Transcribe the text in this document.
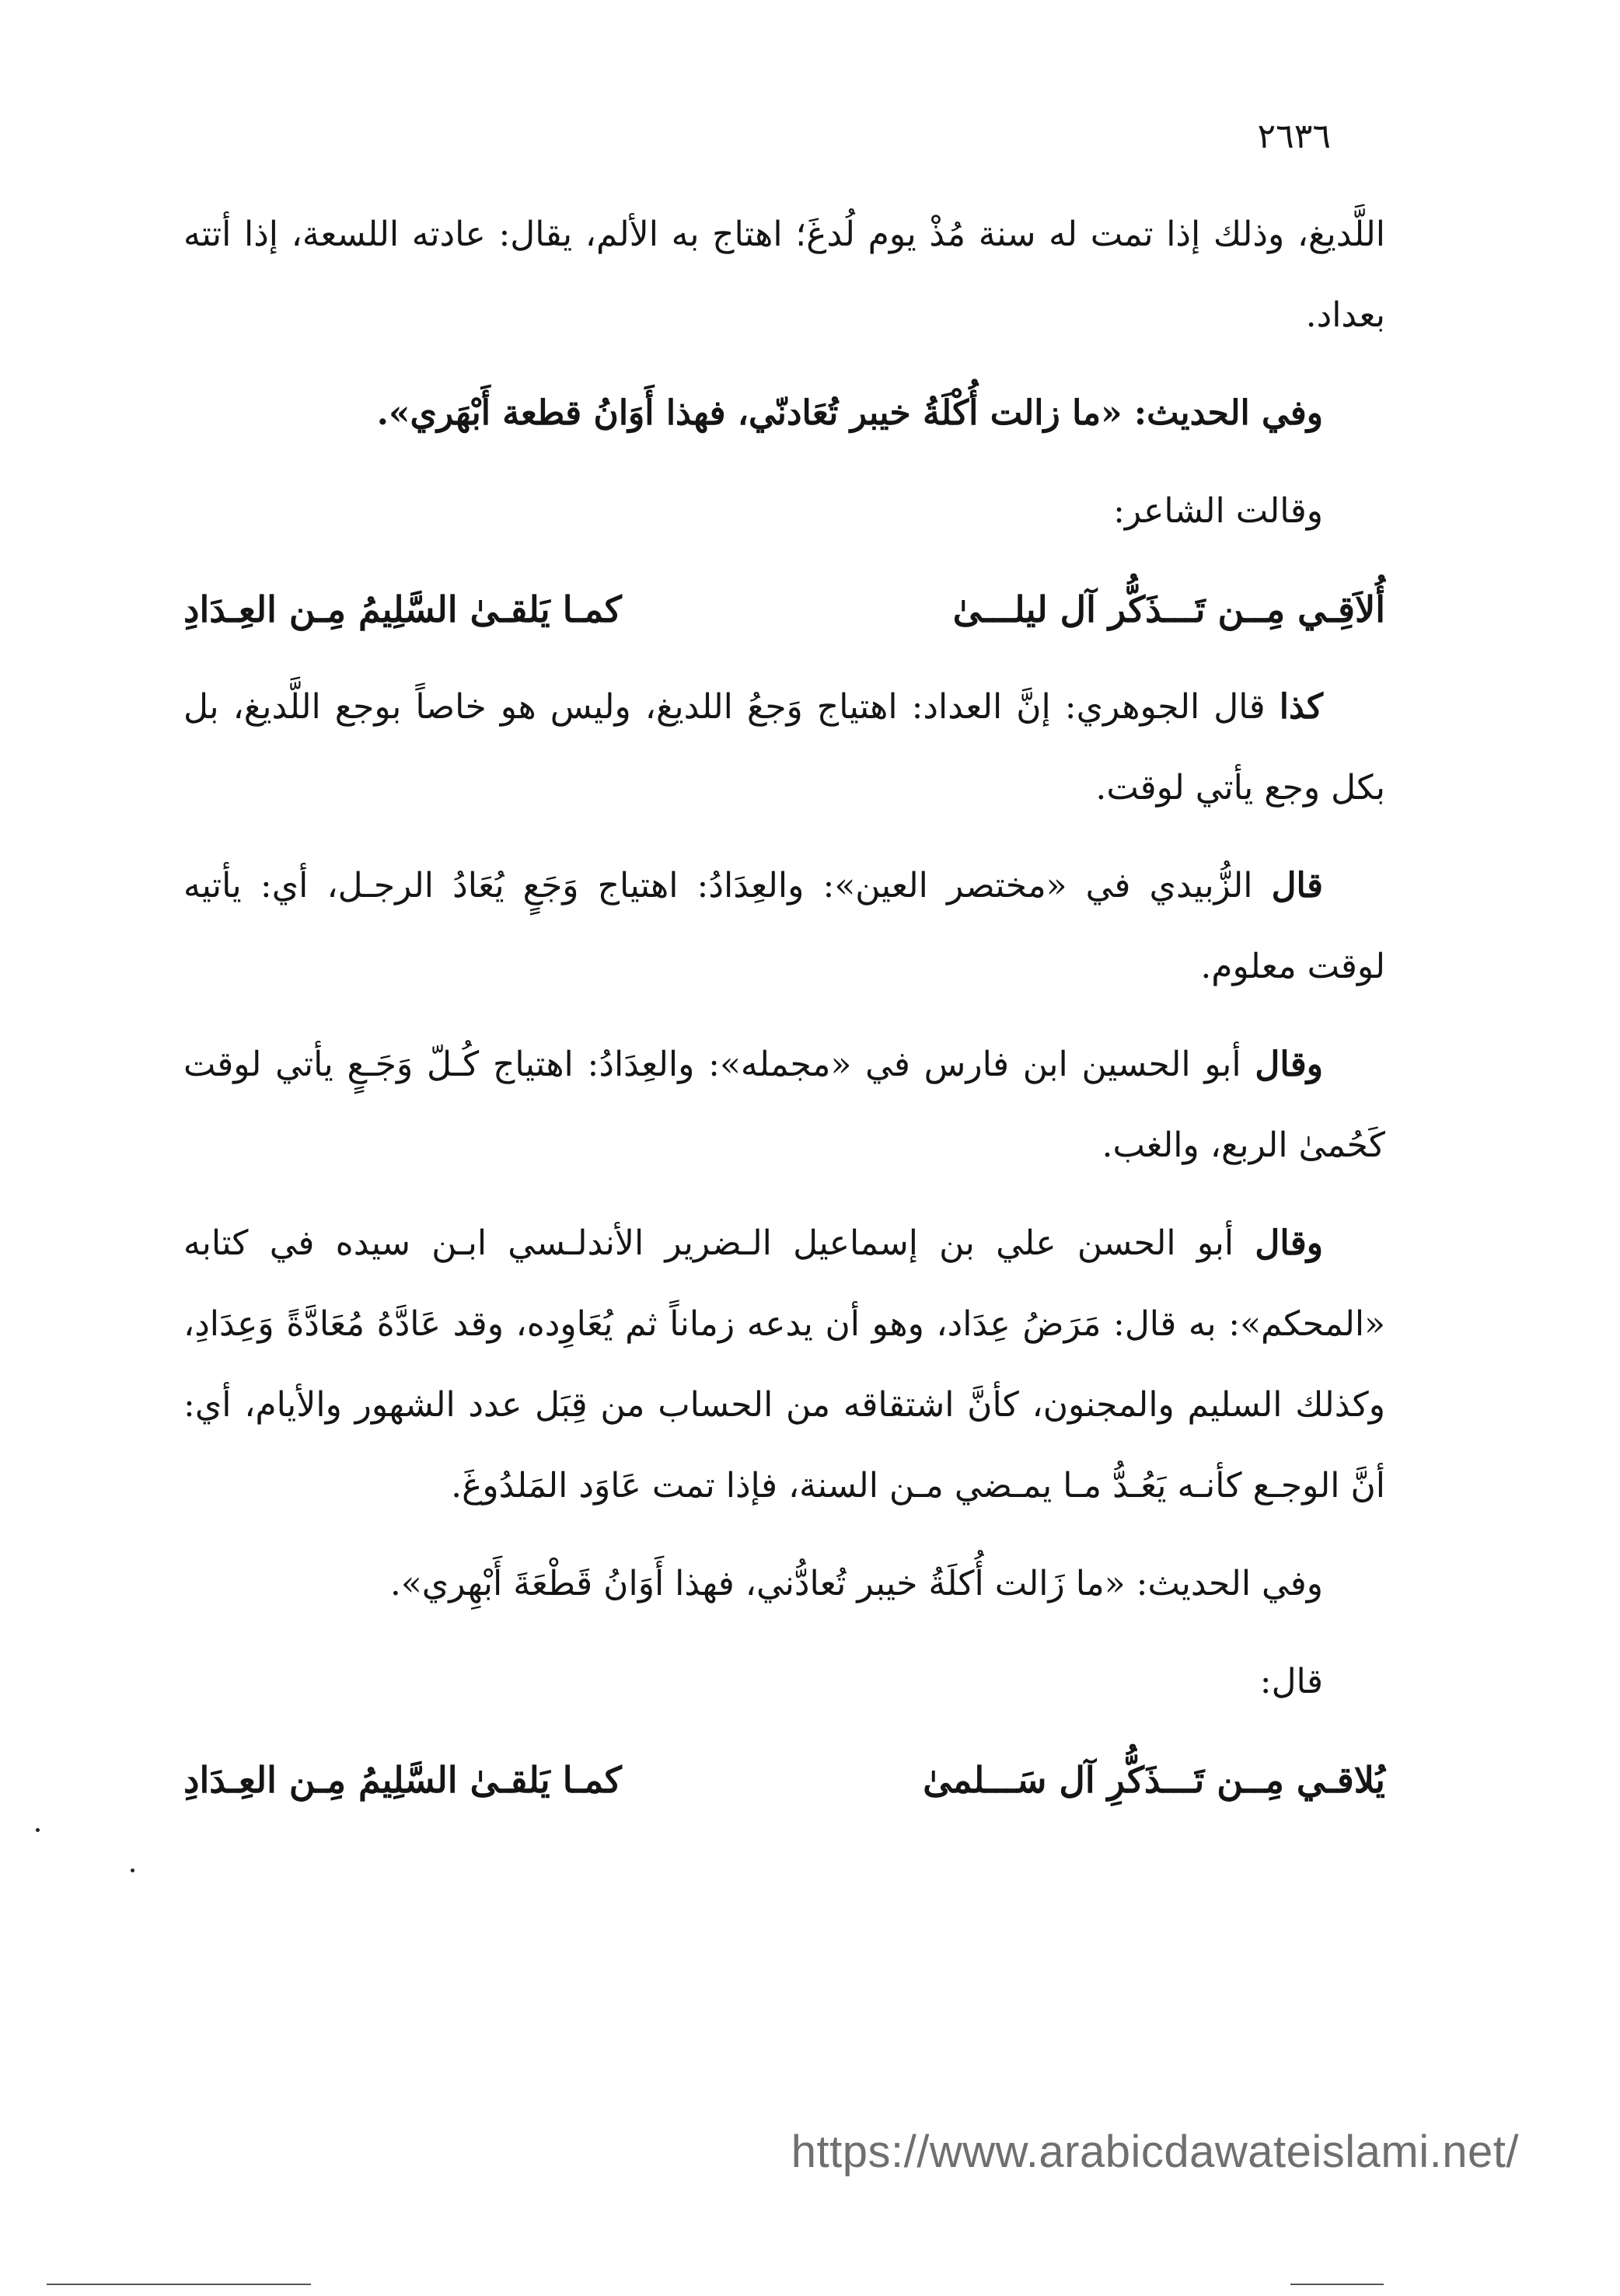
٢٦٣٦

اللَّديغ، وذلك إذا تمت له سنة مُذْ يوم لُدغَ؛ اهتاج به الألم، يقال: عادته اللسعة، إذا أتته بعداد.

وفي الحديث: «ما زالت أُكْلَةُ خيبر تُعَادنّي، فهذا أَوَانُ قطعة أَبْهَري».

وقالت الشاعر:

أُلاَقِـي مِــن تَـــذَكُّر آل ليلـــىٰ
كمـا يَلقـىٰ السَّلِيمُ مِـن العِـدَادِ

كذا قال الجوهري: إنَّ العداد: اهتياج وَجعُ اللديغ، وليس هو خاصاً بوجع اللَّديغ، بل بكل وجع يأتي لوقت.

قال الزُّبيدي في «مختصر العين»: والعِدَادُ: اهتياج وَجَعٍ يُعَادُ الرجـل، أي: يأتيه لوقت معلوم.

وقال أبو الحسين ابن فارس في «مجمله»: والعِدَادُ: اهتياج كُـلّ وَجَـعٍ يأتي لوقت كَحُمىٰ الربع، والغب.

وقال أبو الحسن علي بن إسماعيل الـضرير الأندلـسي ابـن سيده في كتابه «المحكم»: به قال: مَرَضُ عِدَاد، وهو أن يدعه زماناً ثم يُعَاوِده، وقد عَادَّهُ مُعَادَّةً وَعِدَادِ، وكذلك السليم والمجنون، كأنَّ اشتقاقه من الحساب من قِبَل عدد الشهور والأيام، أي: أنَّ الوجـع كأنـه يَعُـدُّ مـا يمـضي مـن السنة، فإذا تمت عَاوَد المَلدُوغَ.

وفي الحديث: «ما زَالت أُكلَةُ خيبر تُعادُّني، فهذا أَوَانُ قَطْعَةَ أَبْهِري».

قال:

يُلاقـي مِــن تَـــذَكُّرِ آل سَـــلمىٰ
كمـا يَلقـىٰ السَّلِيمُ مِـن العِـدَادِ
https://www.arabicdawateislami.net/
